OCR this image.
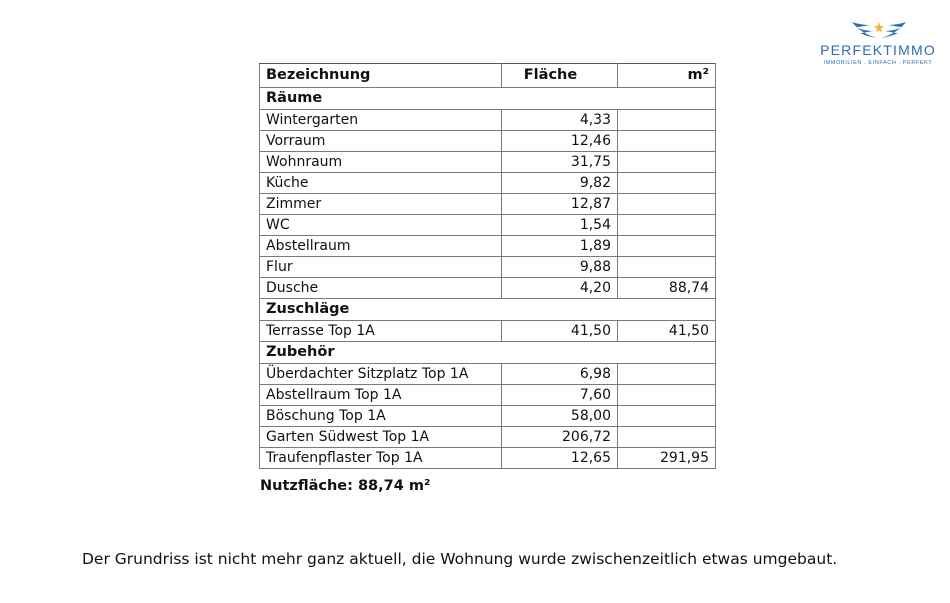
PERFEKTIMMO
IMMOBILIEN . EINFACH . PERFEKT
Bezeichnung	Fläche	m²
Räume		
Wintergarten	4,33	
Vorraum	12,46	
Wohnraum	31,75	
Küche	9,82	
Zimmer	12,87	
WC	1,54	
Abstellraum	1,89	
Flur	9,88	
Dusche	4,20	88,74
Zuschläge		
Terrasse Top 1A	41,50	41,50
Zubehör		
Überdachter Sitzplatz Top 1A	6,98	
Abstellraum Top 1A	7,60	
Böschung Top 1A	58,00	
Garten Südwest Top 1A	206,72	
Traufenpflaster Top 1A	12,65	291,95
Nutzfläche: 88,74 m²
Der Grundriss ist nicht mehr ganz aktuell, die Wohnung wurde zwischenzeitlich etwas umgebaut.
